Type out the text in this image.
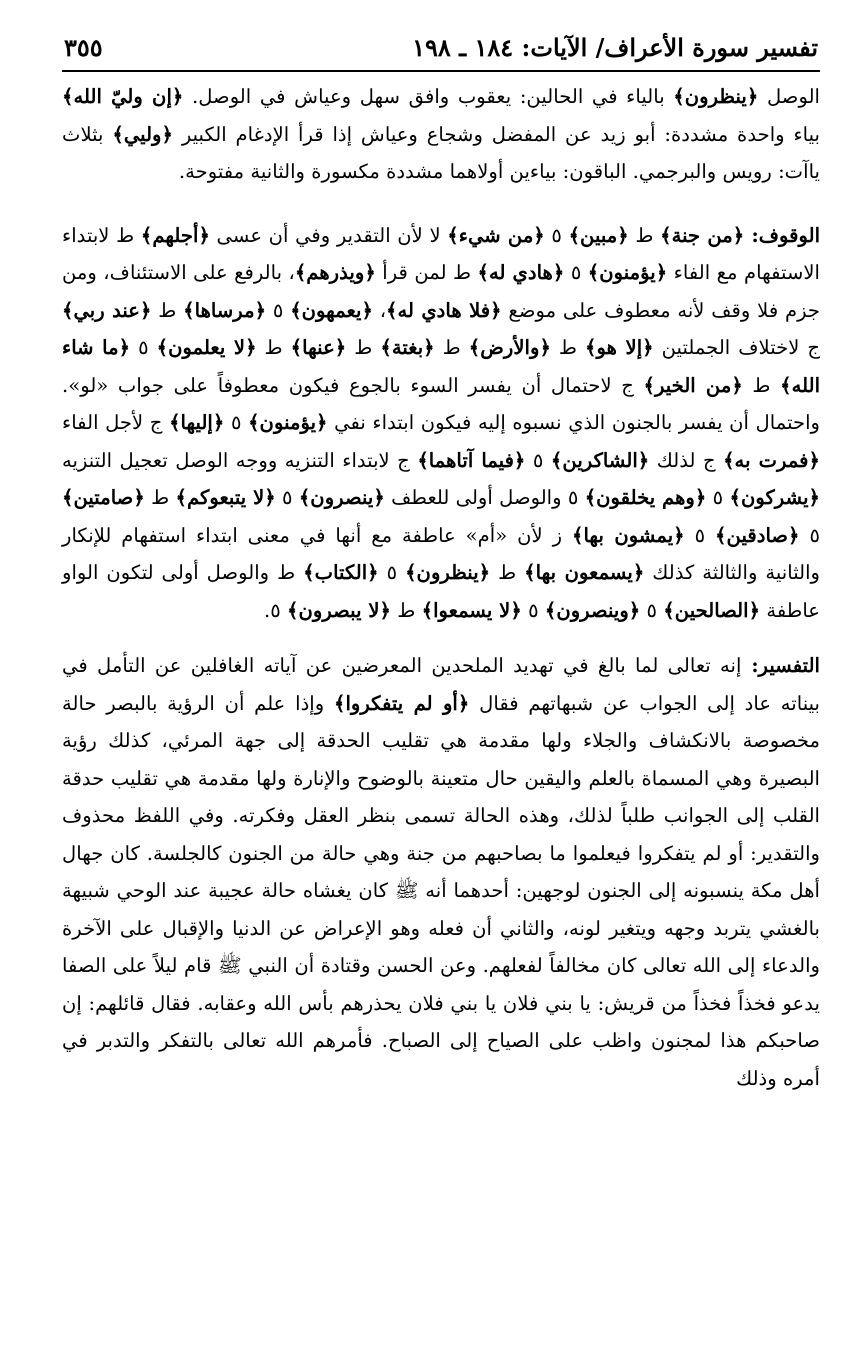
تفسير سورة الأعراف/ الآيات: ١٨٤ ـ ١٩٨
٣٥٥

الوصل ﴿ينظرون﴾ بالياء في الحالين: يعقوب وافق سهل وعياش في الوصل. ﴿إن وليّ الله﴾ بياء واحدة مشددة: أبو زيد عن المفضل وشجاع وعياش إذا قرأ الإدغام الكبير ﴿وليي﴾ بثلاث ياآت: رويس والبرجمي. الباقون: بياءين أولاهما مشددة مكسورة والثانية مفتوحة.

الوقوف: ﴿من جنة﴾ ط ﴿مبين﴾ ٥ ﴿من شيء﴾ لا لأن التقدير وفي أن عسى ﴿أجلهم﴾ ط لابتداء الاستفهام مع الفاء ﴿يؤمنون﴾ ٥ ﴿هادي له﴾ ط لمن قرأ ﴿ويذرهم﴾، بالرفع على الاستئناف، ومن جزم فلا وقف لأنه معطوف على موضع ﴿فلا هادي له﴾، ﴿يعمهون﴾ ٥ ﴿مرساها﴾ ط ﴿عند ربي﴾ ج لاختلاف الجملتين ﴿إلا هو﴾ ط ﴿والأرض﴾ ط ﴿بغتة﴾ ط ﴿عنها﴾ ط ﴿لا يعلمون﴾ ٥ ﴿ما شاء الله﴾ ط ﴿من الخير﴾ ج لاحتمال أن يفسر السوء بالجوع فيكون معطوفاً على جواب «لو». واحتمال أن يفسر بالجنون الذي نسبوه إليه فيكون ابتداء نفي ﴿يؤمنون﴾ ٥ ﴿إليها﴾ ج لأجل الفاء ﴿فمرت به﴾ ج لذلك ﴿الشاكرين﴾ ٥ ﴿فيما آتاهما﴾ ج لابتداء التنزيه ووجه الوصل تعجيل التنزيه ﴿يشركون﴾ ٥ ﴿وهم يخلقون﴾ ٥ والوصل أولى للعطف ﴿ينصرون﴾ ٥ ﴿لا يتبعوكم﴾ ط ﴿صامتين﴾ ٥ ﴿صادقين﴾ ٥ ﴿يمشون بها﴾ ز لأن «أم» عاطفة مع أنها في معنى ابتداء استفهام للإنكار والثانية والثالثة كذلك ﴿يسمعون بها﴾ ط ﴿ينظرون﴾ ٥ ﴿الكتاب﴾ ط والوصل أولى لتكون الواو عاطفة ﴿الصالحين﴾ ٥ ﴿وينصرون﴾ ٥ ﴿لا يسمعوا﴾ ط ﴿لا يبصرون﴾ ٥.

التفسير: إنه تعالى لما بالغ في تهديد الملحدين المعرضين عن آياته الغافلين عن التأمل في بيناته عاد إلى الجواب عن شبهاتهم فقال ﴿أو لم يتفكروا﴾ وإذا علم أن الرؤية بالبصر حالة مخصوصة بالانكشاف والجلاء ولها مقدمة هي تقليب الحدقة إلى جهة المرئي، كذلك رؤية البصيرة وهي المسماة بالعلم واليقين حال متعينة بالوضوح والإنارة ولها مقدمة هي تقليب حدقة القلب إلى الجوانب طلباً لذلك، وهذه الحالة تسمى بنظر العقل وفكرته. وفي اللفظ محذوف والتقدير: أو لم يتفكروا فيعلموا ما بصاحبهم من جنة وهي حالة من الجنون كالجلسة. كان جهال أهل مكة ينسبونه إلى الجنون لوجهين: أحدهما أنه ﷺ كان يغشاه حالة عجيبة عند الوحي شبيهة بالغشي يتربد وجهه ويتغير لونه، والثاني أن فعله وهو الإعراض عن الدنيا والإقبال على الآخرة والدعاء إلى الله تعالى كان مخالفاً لفعلهم. وعن الحسن وقتادة أن النبي ﷺ قام ليلاً على الصفا يدعو فخذاً فخذاً من قريش: يا بني فلان يا بني فلان يحذرهم بأس الله وعقابه. فقال قائلهم: إن صاحبكم هذا لمجنون واظب على الصياح إلى الصباح. فأمرهم الله تعالى بالتفكر والتدبر في أمره وذلك
